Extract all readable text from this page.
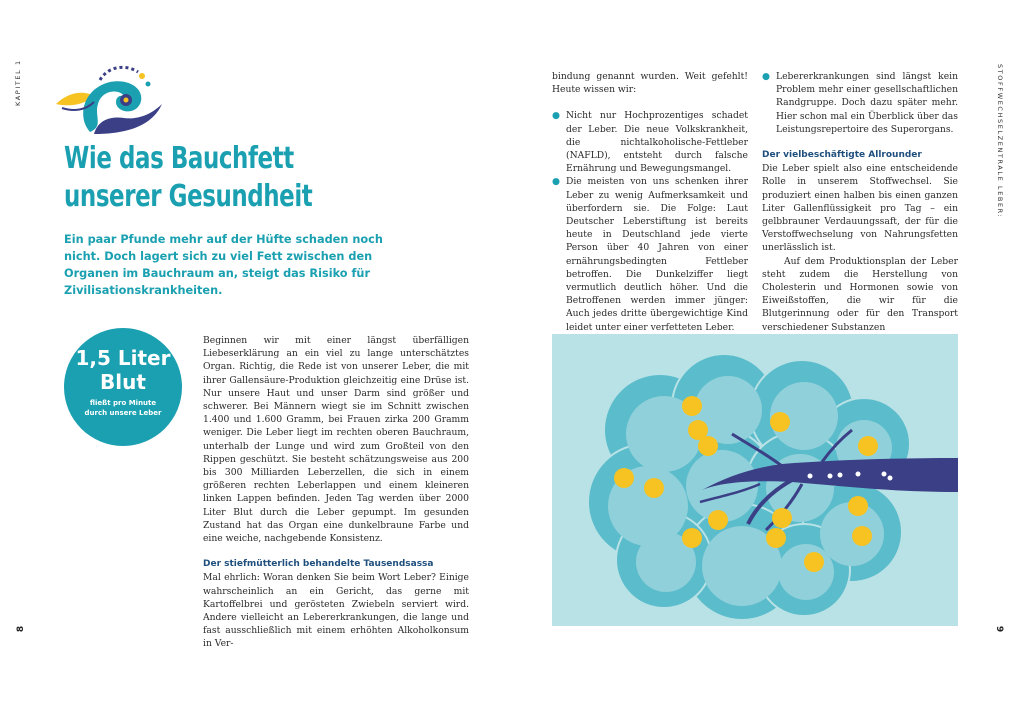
KAPITEL 1
8
Wie das Bauchfett
unserer Gesundheit
Ein paar Pfunde mehr auf der Hüfte schaden noch nicht. Doch lagert sich zu viel Fett zwischen den Organen im Bauchraum an, steigt das Risiko für Zivilisationskrankheiten.
1,5 Liter
Blut
fließt pro Minute
durch unsere Leber

Beginnen wir mit einer längst überfälligen Liebeserklärung an ein viel zu lange unterschätztes Organ. Richtig, die Rede ist von unserer Leber, die mit ihrer Gallensäure-Produktion gleichzeitig eine Drüse ist. Nur unsere Haut und unser Darm sind größer und schwerer. Bei Männern wiegt sie im Schnitt zwischen 1.400 und 1.600 Gramm, bei Frauen zirka 200 Gramm weniger. Die Leber liegt im rechten oberen Bauchraum, unterhalb der Lunge und wird zum Großteil von den Rippen geschützt. Sie besteht schätzungsweise aus 200 bis 300 Milliarden Leberzellen, die sich in einem größeren rechten Leberlappen und einem kleineren linken Lappen befinden. Jeden Tag werden über 2000 Liter Blut durch die Leber gepumpt. Im gesunden Zustand hat das Organ eine dunkelbraune Farbe und eine weiche, nachgebende Konsistenz.

Der stiefmütterlich behandelte Tausendsassa

Mal ehrlich: Woran denken Sie beim Wort Leber? Einige wahrscheinlich an ein Gericht, das gerne mit Kartoffelbrei und gerösteten Zwiebeln serviert wird. Andere vielleicht an Lebererkrankungen, die lange und fast ausschließlich mit einem erhöhten Alkoholkonsum in Ver-

STOFFWECHSELZENTRALE LEBER:
9

bindung genannt wurden. Weit gefehlt! Heute wissen wir:

● Nicht nur Hochprozentiges schadet der Leber. Die neue Volkskrankheit, die nichtalkoholische-Fettleber (NAFLD), entsteht durch falsche Ernährung und Bewegungsmangel.
● Die meisten von uns schenken ihrer Leber zu wenig Aufmerksamkeit und überfordern sie. Die Folge: Laut Deutscher Leberstiftung ist bereits heute in Deutschland jede vierte Person über 40 Jahren von einer ernährungsbedingten Fettleber betroffen. Die Dunkelziffer liegt vermutlich deutlich höher. Und die Betroffenen werden immer jünger: Auch jedes dritte übergewichtige Kind leidet unter einer verfetteten Leber.
● Lebererkrankungen sind längst kein Problem mehr einer gesellschaftlichen Randgruppe. Doch dazu später mehr. Hier schon mal ein Überblick über das Leistungsrepertoire des Superorgans.
Der vielbeschäftigte Allrounder

Die Leber spielt also eine entscheidende Rolle in unserem Stoffwechsel. Sie produziert einen halben bis einen ganzen Liter Gallenflüssigkeit pro Tag – ein gelbbrauner Verdauungssaft, der für die Verstoffwechselung von Nahrungsfetten unerlässlich ist.

Auf dem Produktionsplan der Leber steht zudem die Herstellung von Cholesterin und Hormonen sowie von Eiweißstoffen, die wir für die Blutgerinnung oder für den Transport verschiedener Substanzen
